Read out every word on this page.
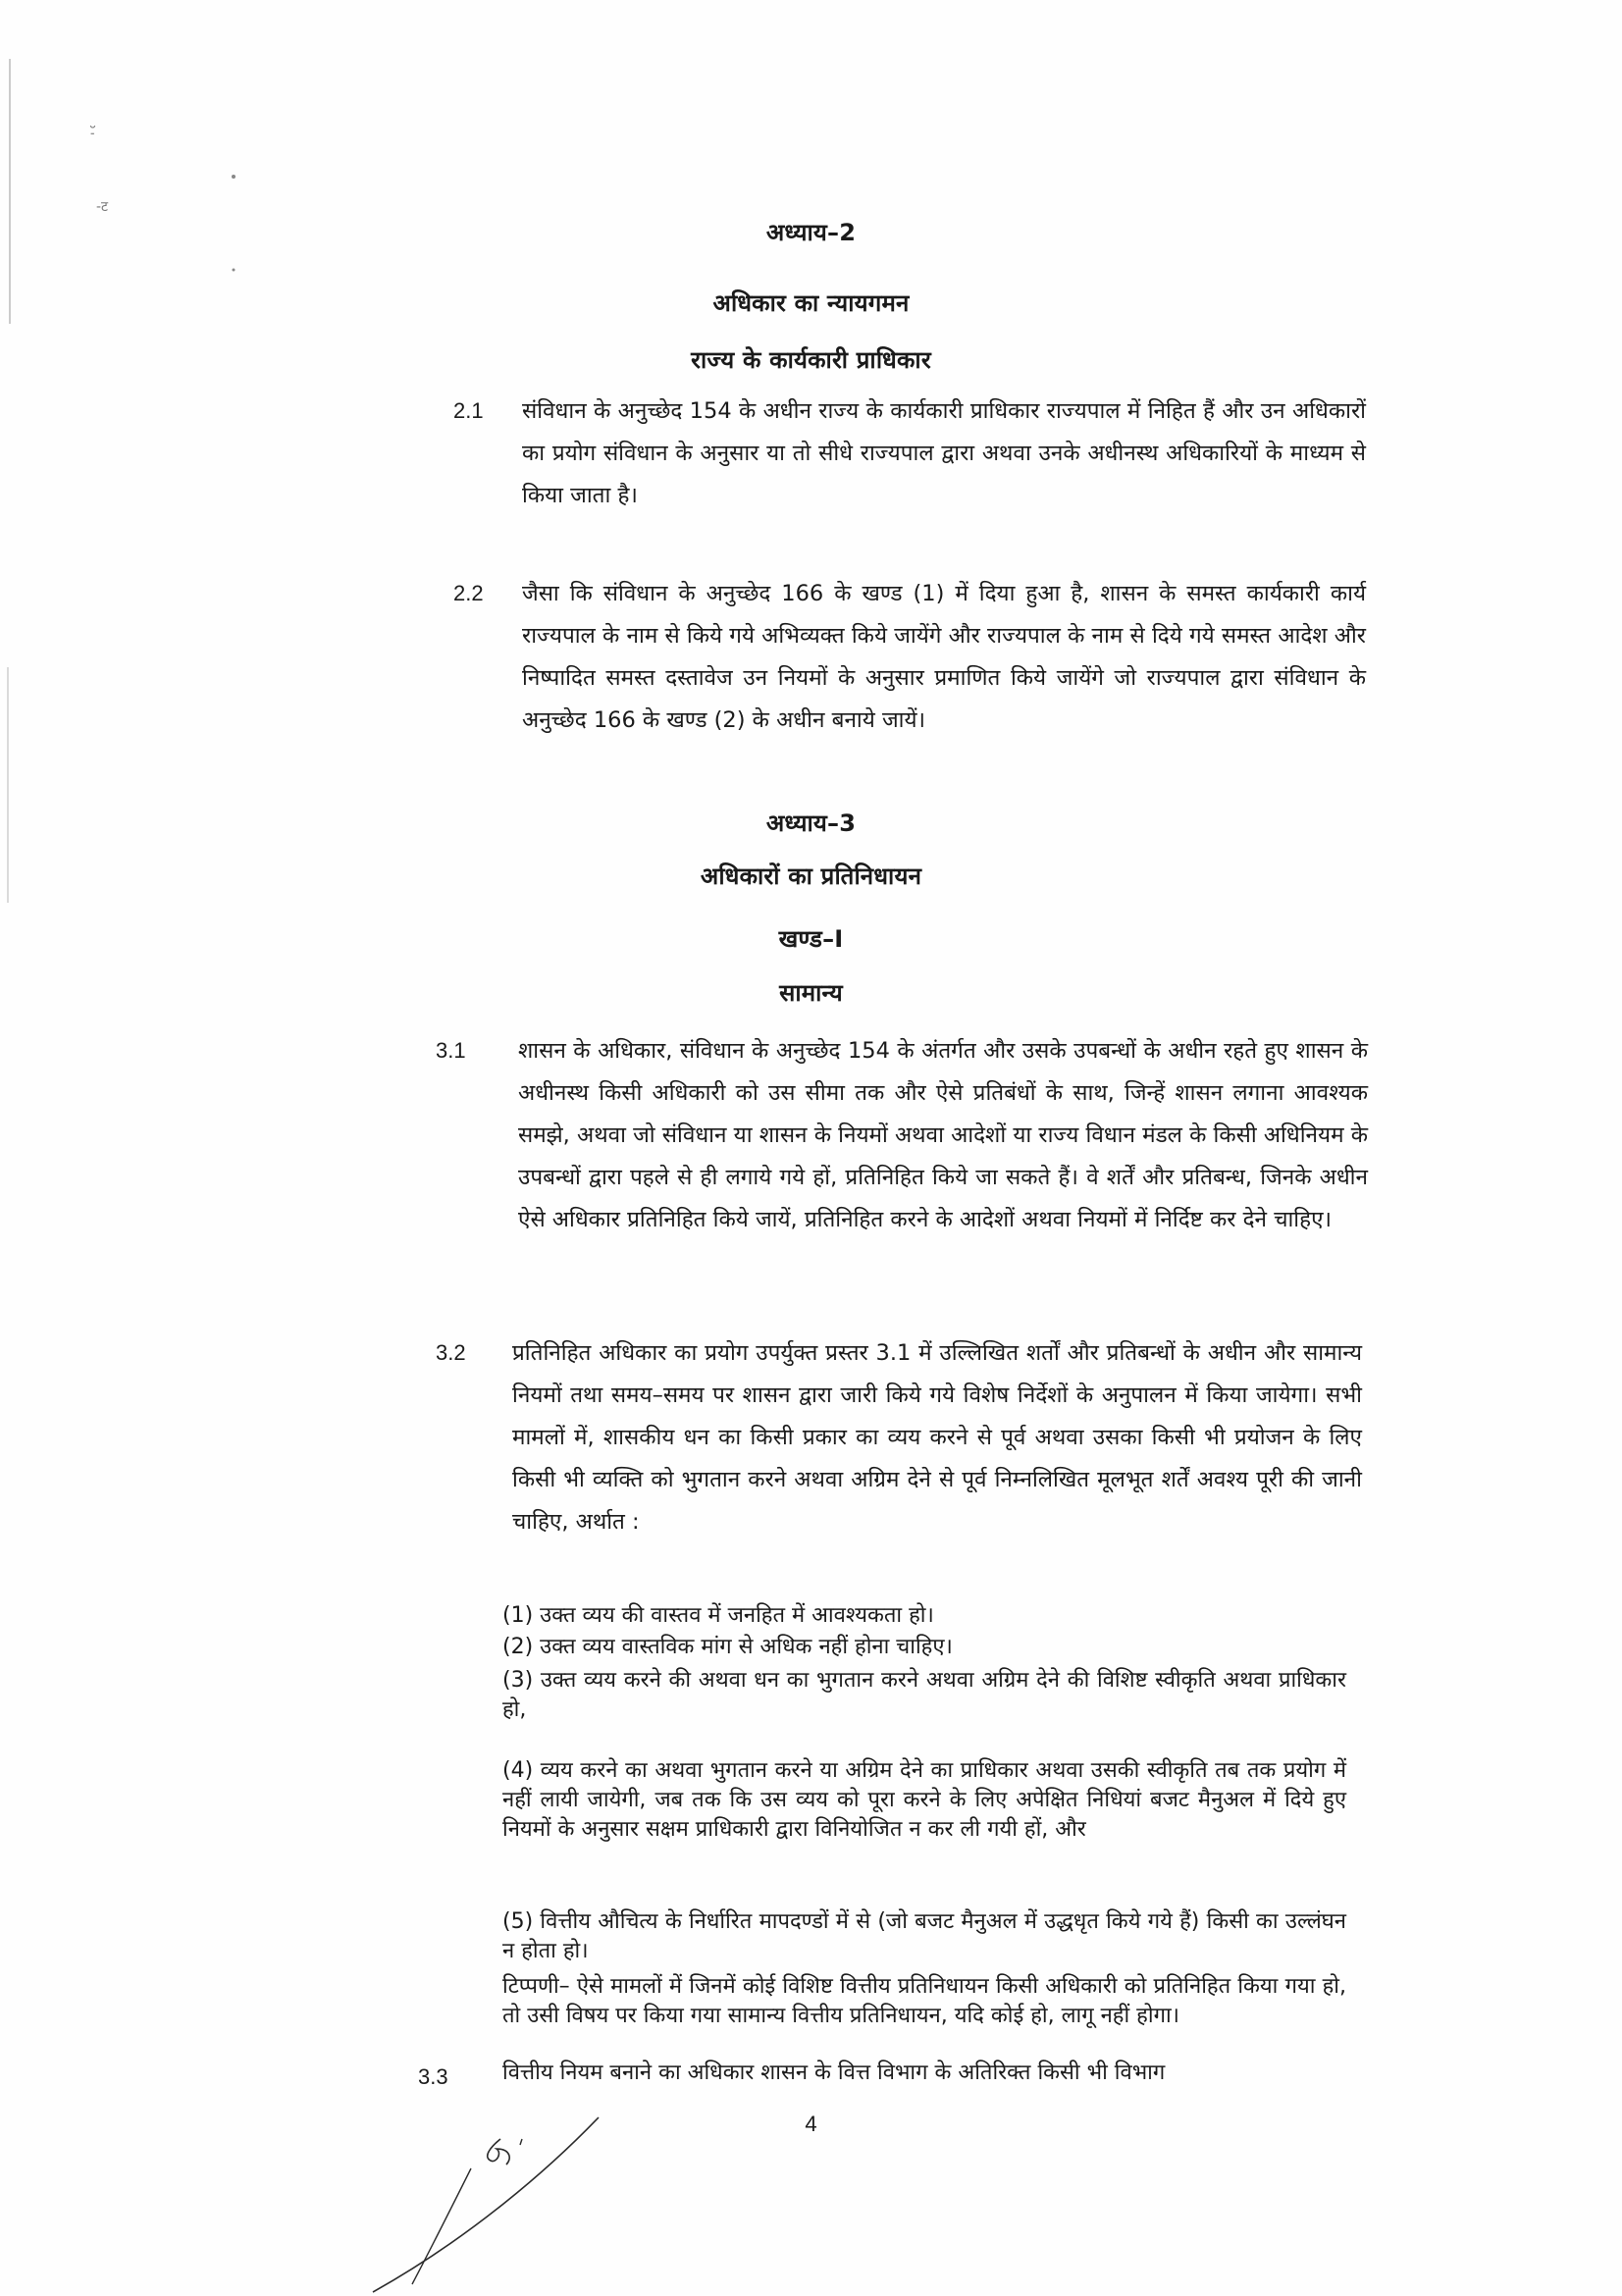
-ॅ
-ट
अध्याय–2
अधिकार का न्यायगमन
राज्य के कार्यकारी प्राधिकार
2.1 संविधान के अनुच्छेद 154 के अधीन राज्य के कार्यकारी प्राधिकार राज्यपाल में निहित हैं और उन अधिकारों का प्रयोग संविधान के अनुसार या तो सीधे राज्यपाल द्वारा अथवा उनके अधीनस्थ अधिकारियों के माध्यम से किया जाता है।
2.2 जैसा कि संविधान के अनुच्छेद 166 के खण्ड (1) में दिया हुआ है, शासन के समस्त कार्यकारी कार्य राज्यपाल के नाम से किये गये अभिव्यक्त किये जायेंगे और राज्यपाल के नाम से दिये गये समस्त आदेश और निष्पादित समस्त दस्तावेज उन नियमों के अनुसार प्रमाणित किये जायेंगे जो राज्यपाल द्वारा संविधान के अनुच्छेद 166 के खण्ड (2) के अधीन बनाये जायें।
अध्याय–3
अधिकारों का प्रतिनिधायन
खण्ड–I
सामान्य
3.1 शासन के अधिकार, संविधान के अनुच्छेद 154 के अंतर्गत और उसके उपबन्धों के अधीन रहते हुए शासन के अधीनस्थ किसी अधिकारी को उस सीमा तक और ऐसे प्रतिबंधों के साथ, जिन्हें शासन लगाना आवश्यक समझे, अथवा जो संविधान या शासन के नियमों अथवा आदेशों या राज्य विधान मंडल के किसी अधिनियम के उपबन्धों द्वारा पहले से ही लगाये गये हों, प्रतिनिहित किये जा सकते हैं। वे शर्तें और प्रतिबन्ध, जिनके अधीन ऐसे अधिकार प्रतिनिहित किये जायें, प्रतिनिहित करने के आदेशों अथवा नियमों में निर्दिष्ट कर देने चाहिए।
3.2 प्रतिनिहित अधिकार का प्रयोग उपर्युक्त प्रस्तर 3.1 में उल्लिखित शर्तों और प्रतिबन्धों के अधीन और सामान्य नियमों तथा समय–समय पर शासन द्वारा जारी किये गये विशेष निर्देशों के अनुपालन में किया जायेगा। सभी मामलों में, शासकीय धन का किसी प्रकार का व्यय करने से पूर्व अथवा उसका किसी भी प्रयोजन के लिए किसी भी व्यक्ति को भुगतान करने अथवा अग्रिम देने से पूर्व निम्नलिखित मूलभूत शर्तें अवश्य पूरी की जानी चाहिए, अर्थात :
(1) उक्त व्यय की वास्तव में जनहित में आवश्यकता हो।
(2) उक्त व्यय वास्तविक मांग से अधिक नहीं होना चाहिए।
(3) उक्त व्यय करने की अथवा धन का भुगतान करने अथवा अग्रिम देने की विशिष्ट स्वीकृति अथवा प्राधिकार हो,
(4) व्यय करने का अथवा भुगतान करने या अग्रिम देने का प्राधिकार अथवा उसकी स्वीकृति तब तक प्रयोग में नहीं लायी जायेगी, जब तक कि उस व्यय को पूरा करने के लिए अपेक्षित निधियां बजट मैनुअल में दिये हुए नियमों के अनुसार सक्षम प्राधिकारी द्वारा विनियोजित न कर ली गयी हों, और
(5) वित्तीय औचित्य के निर्धारित मापदण्डों में से (जो बजट मैनुअल में उद्धधृत किये गये हैं) किसी का उल्लंघन न होता हो।
टिप्पणी– ऐसे मामलों में जिनमें कोई विशिष्ट वित्तीय प्रतिनिधायन किसी अधिकारी को प्रतिनिहित किया गया हो, तो उसी विषय पर किया गया सामान्य वित्तीय प्रतिनिधायन, यदि कोई हो, लागू नहीं होगा।
3.3	वित्तीय नियम बनाने का अधिकार शासन के वित्त विभाग के अतिरिक्त किसी भी विभाग
4
